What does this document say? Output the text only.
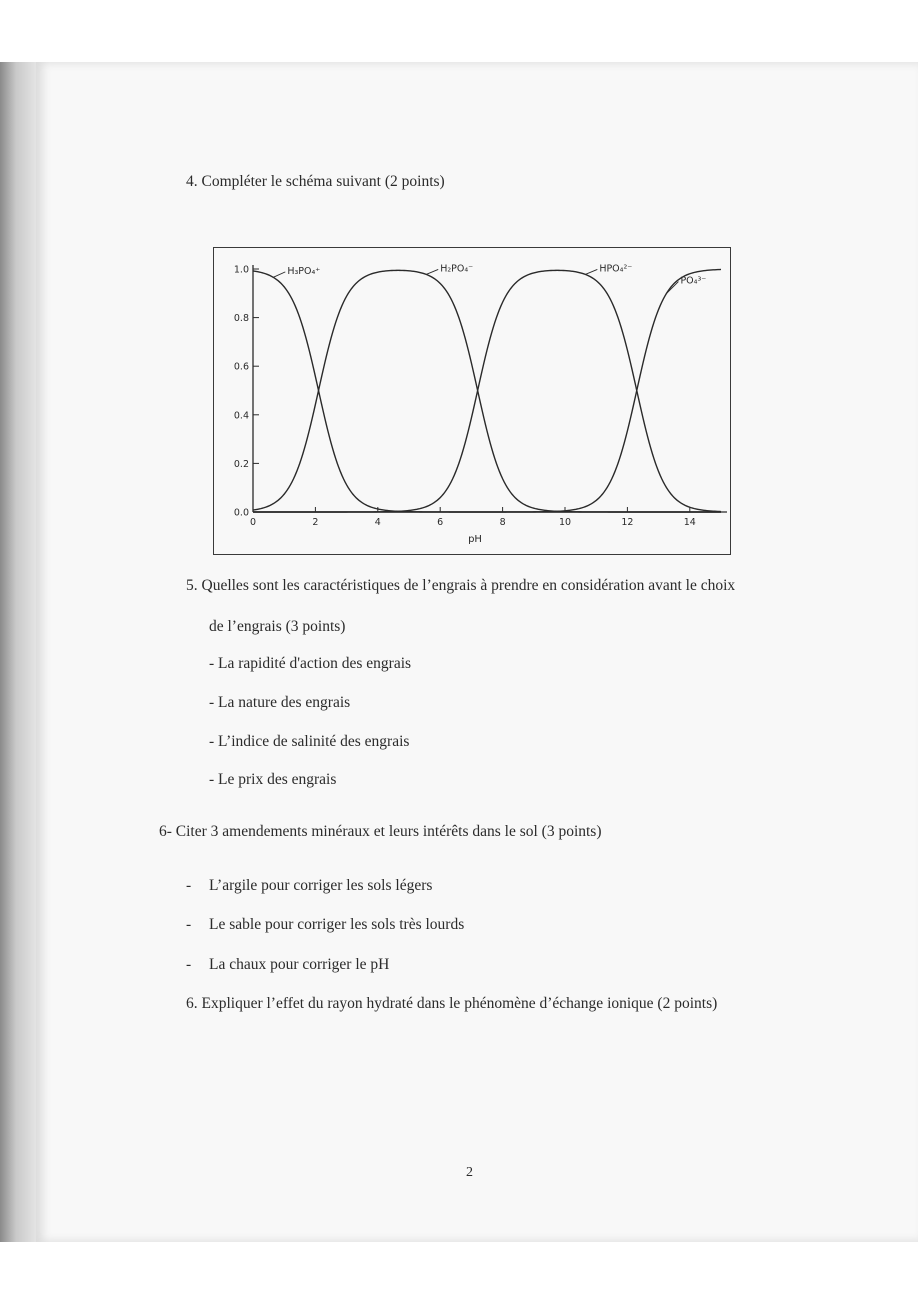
4. Compléter le schéma suivant (2 points)
0	2	4	6	8	10	12	14
0.0
0.2
0.4
0.6
0.8
1.0	H₃PO₄⁺	H₂PO₄⁻	HPO₄²⁻
PO₄³⁻
pH
5. Quelles sont les caractéristiques de l’engrais à prendre en considération avant le choix
de l’engrais (3 points)
- La rapidité d'action des engrais
- La nature des engrais
- L’indice de salinité des engrais
- Le prix des engrais
6- Citer 3 amendements minéraux et leurs intérêts dans le sol (3 points)
- L’argile pour corriger les sols légers
- Le sable pour corriger les sols très lourds
- La chaux pour corriger le pH
6. Expliquer l’effet du rayon hydraté dans le phénomène d’échange ionique (2 points)
2
